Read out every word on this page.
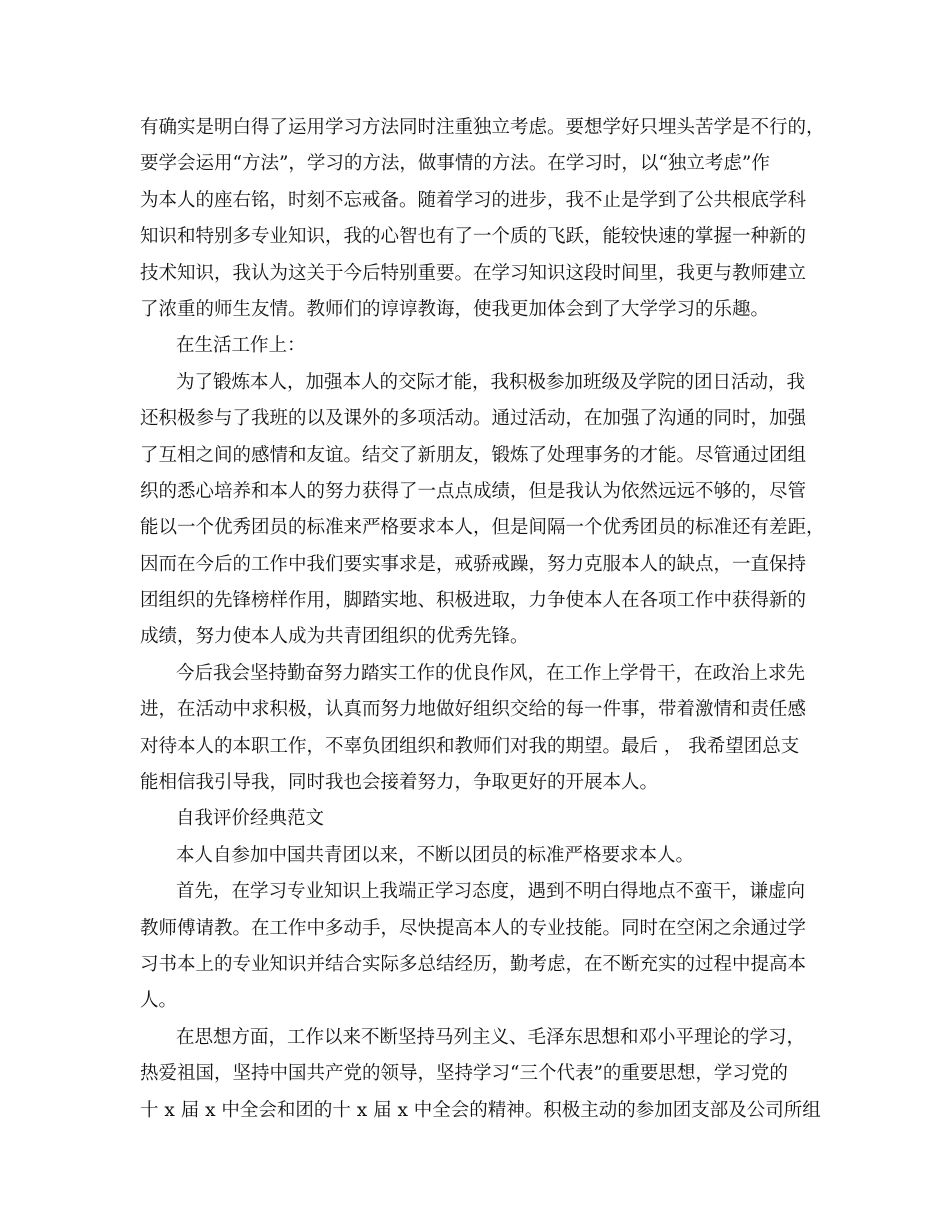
有确实是明白得了运用学习方法同时注重独立考虑。要想学好只埋头苦学是不行的，
要学会运用“方法”，学习的方法，做事情的方法。在学习时，以“独立考虑”作
为本人的座右铭，时刻不忘戒备。随着学习的进步，我不止是学到了公共根底学科
知识和特别多专业知识，我的心智也有了一个质的飞跃，能较快速的掌握一种新的
技术知识，我认为这关于今后特别重要。在学习知识这段时间里，我更与教师建立
了浓重的师生友情。教师们的谆谆教诲，使我更加体会到了大学学习的乐趣。
在生活工作上：
为了锻炼本人，加强本人的交际才能，我积极参加班级及学院的团日活动，我
还积极参与了我班的以及课外的多项活动。通过活动，在加强了沟通的同时，加强
了互相之间的感情和友谊。结交了新朋友，锻炼了处理事务的才能。尽管通过团组
织的悉心培养和本人的努力获得了一点点成绩，但是我认为依然远远不够的，尽管
能以一个优秀团员的标准来严格要求本人，但是间隔一个优秀团员的标准还有差距，
因而在今后的工作中我们要实事求是，戒骄戒躁，努力克服本人的缺点，一直保持
团组织的先锋榜样作用，脚踏实地、积极进取，力争使本人在各项工作中获得新的
成绩，努力使本人成为共青团组织的优秀先锋。
今后我会坚持勤奋努力踏实工作的优良作风，在工作上学骨干，在政治上求先
进，在活动中求积极，认真而努力地做好组织交给的每一件事，带着激情和责任感
对待本人的本职工作，不辜负团组织和教师们对我的期望。最后 ， 我希望团总支
能相信我引导我，同时我也会接着努力，争取更好的开展本人。
自我评价经典范文
本人自参加中国共青团以来，不断以团员的标准严格要求本人。
首先，在学习专业知识上我端正学习态度，遇到不明白得地点不蛮干，谦虚向
教师傅请教。在工作中多动手，尽快提高本人的专业技能。同时在空闲之余通过学
习书本上的专业知识并结合实际多总结经历，勤考虑，在不断充实的过程中提高本
人。
在思想方面，工作以来不断坚持马列主义、毛泽东思想和邓小平理论的学习，
热爱祖国，坚持中国共产党的领导，坚持学习“三个代表”的重要思想，学习党的
十 x 届 x 中全会和团的十 x 届 x 中全会的精神。积极主动的参加团支部及公司所组
